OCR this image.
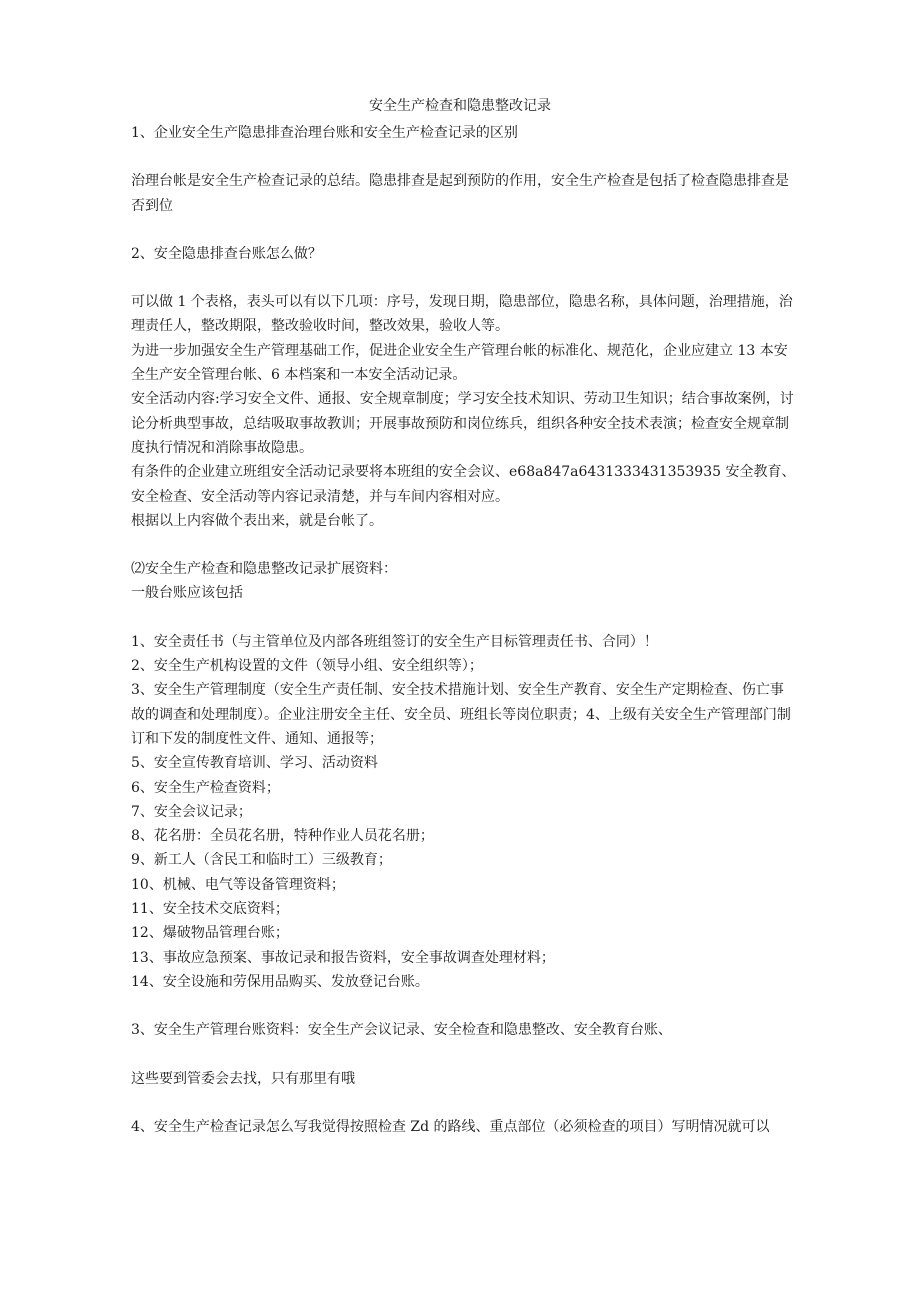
安全生产检查和隐患整改记录

1、企业安全生产隐患排查治理台账和安全生产检查记录的区别

治理台帐是安全生产检查记录的总结。隐患排查是起到预防的作用，安全生产检查是包括了检查隐患排查是否到位

2、安全隐患排查台账怎么做？

可以做 1 个表格，表头可以有以下几项：序号，发现日期，隐患部位，隐患名称，具体问题，治理措施，治理责任人，整改期限，整改验收时间，整改效果，验收人等。

为进一步加强安全生产管理基础工作，促进企业安全生产管理台帐的标准化、规范化，企业应建立 13 本安全生产安全管理台帐、6 本档案和一本安全活动记录。

安全活动内容:学习安全文件、通报、安全规章制度；学习安全技术知识、劳动卫生知识；结合事故案例，讨论分析典型事故，总结吸取事故教训；开展事故预防和岗位练兵，组织各种安全技术表演；检查安全规章制度执行情况和消除事故隐患。

有条件的企业建立班组安全活动记录要将本班组的安全会议、e68a847a6431333431353935 安全教育、安全检查、安全活动等内容记录清楚，并与车间内容相对应。

根据以上内容做个表出来，就是台帐了。

⑵安全生产检查和隐患整改记录扩展资料：

一般台账应该包括

1、安全责任书（与主管单位及内部各班组签订的安全生产目标管理责任书、合同）！

2、安全生产机构设置的文件（领导小组、安全组织等）；

3、安全生产管理制度（安全生产责任制、安全技术措施计划、安全生产教育、安全生产定期检查、伤亡事故的调查和处理制度）。企业注册安全主任、安全员、班组长等岗位职责；4、上级有关安全生产管理部门制订和下发的制度性文件、通知、通报等；

5、安全宣传教育培训、学习、活动资料

6、安全生产检查资料；

7、安全会议记录；

8、花名册：全员花名册，特种作业人员花名册；

9、新工人（含民工和临时工）三级教育；

10、机械、电气等设备管理资料；

11、安全技术交底资料；

12、爆破物品管理台账；

13、事故应急预案、事故记录和报告资料，安全事故调查处理材料；

14、安全设施和劳保用品购买、发放登记台账。

3、安全生产管理台账资料：安全生产会议记录、安全检查和隐患整改、安全教育台账、

这些要到管委会去找，只有那里有哦

4、安全生产检查记录怎么写我觉得按照检查 Zd 的路线、重点部位（必须检查的项目）写明情况就可以
